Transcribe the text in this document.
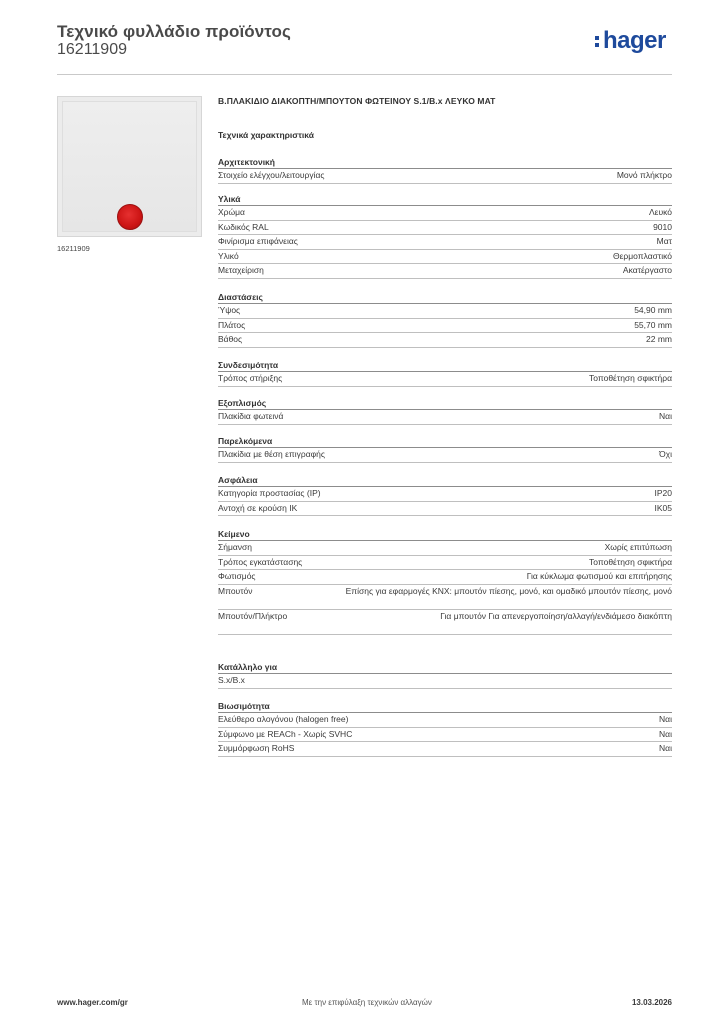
Τεχνικό φυλλάδιο προϊόντος
16211909	hager
16211909
Β.ΠΛΑΚΙΔΙΟ ΔΙΑΚΟΠΤΗ/ΜΠΟΥΤΟΝ ΦΩΤΕΙΝΟΥ S.1/B.x ΛΕΥΚΟ ΜΑΤ
Τεχνικά χαρακτηριστικά
Αρχιτεκτονική
Στοιχείο ελέγχου/λειτουργίας	Μονό πλήκτρο
Υλικά
Χρώμα	Λευκό
Κωδικός RAL	9010
Φινίρισμα επιφάνειας	Ματ
Υλικό	Θερμοπλαστικό
Μεταχείριση	Ακατέργαστο
Διαστάσεις
Ύψος	54,90 mm
Πλάτος	55,70 mm
Βάθος	22 mm
Συνδεσιμότητα
Τρόπος στήριξης	Τοποθέτηση σφικτήρα
Εξοπλισμός
Πλακίδια φωτεινά	Ναι
Παρελκόμενα
Πλακίδια με θέση επιγραφής	Όχι
Ασφάλεια
Κατηγορία προστασίας (IP)	IP20
Αντοχή σε κρούση IK	IK05
Κείμενο
Σήμανση	Χωρίς επιτύπωση
Τρόπος εγκατάστασης	Τοποθέτηση σφικτήρα
Φωτισμός	Για κύκλωμα φωτισμού και επιτήρησης
Μπουτόν	Επίσης για εφαρμογές KNX: μπουτόν πίεσης, μονό, και ομαδικό μπουτόν πίεσης, μονό
Μπουτόν/Πλήκτρο	Για μπουτόν Για απενεργοποίηση/αλλαγή/ενδιάμεσο διακόπτη
Κατάλληλο για
S.x/B.x
Βιωσιμότητα
Ελεύθερο αλογόνου (halogen free)	Ναι
Σύμφωνο με REACh - Χωρίς SVHC	Ναι
Συμμόρφωση RoHS	Ναι
www.hager.com/gr	Με την επιφύλαξη τεχνικών αλλαγών	13.03.2026
